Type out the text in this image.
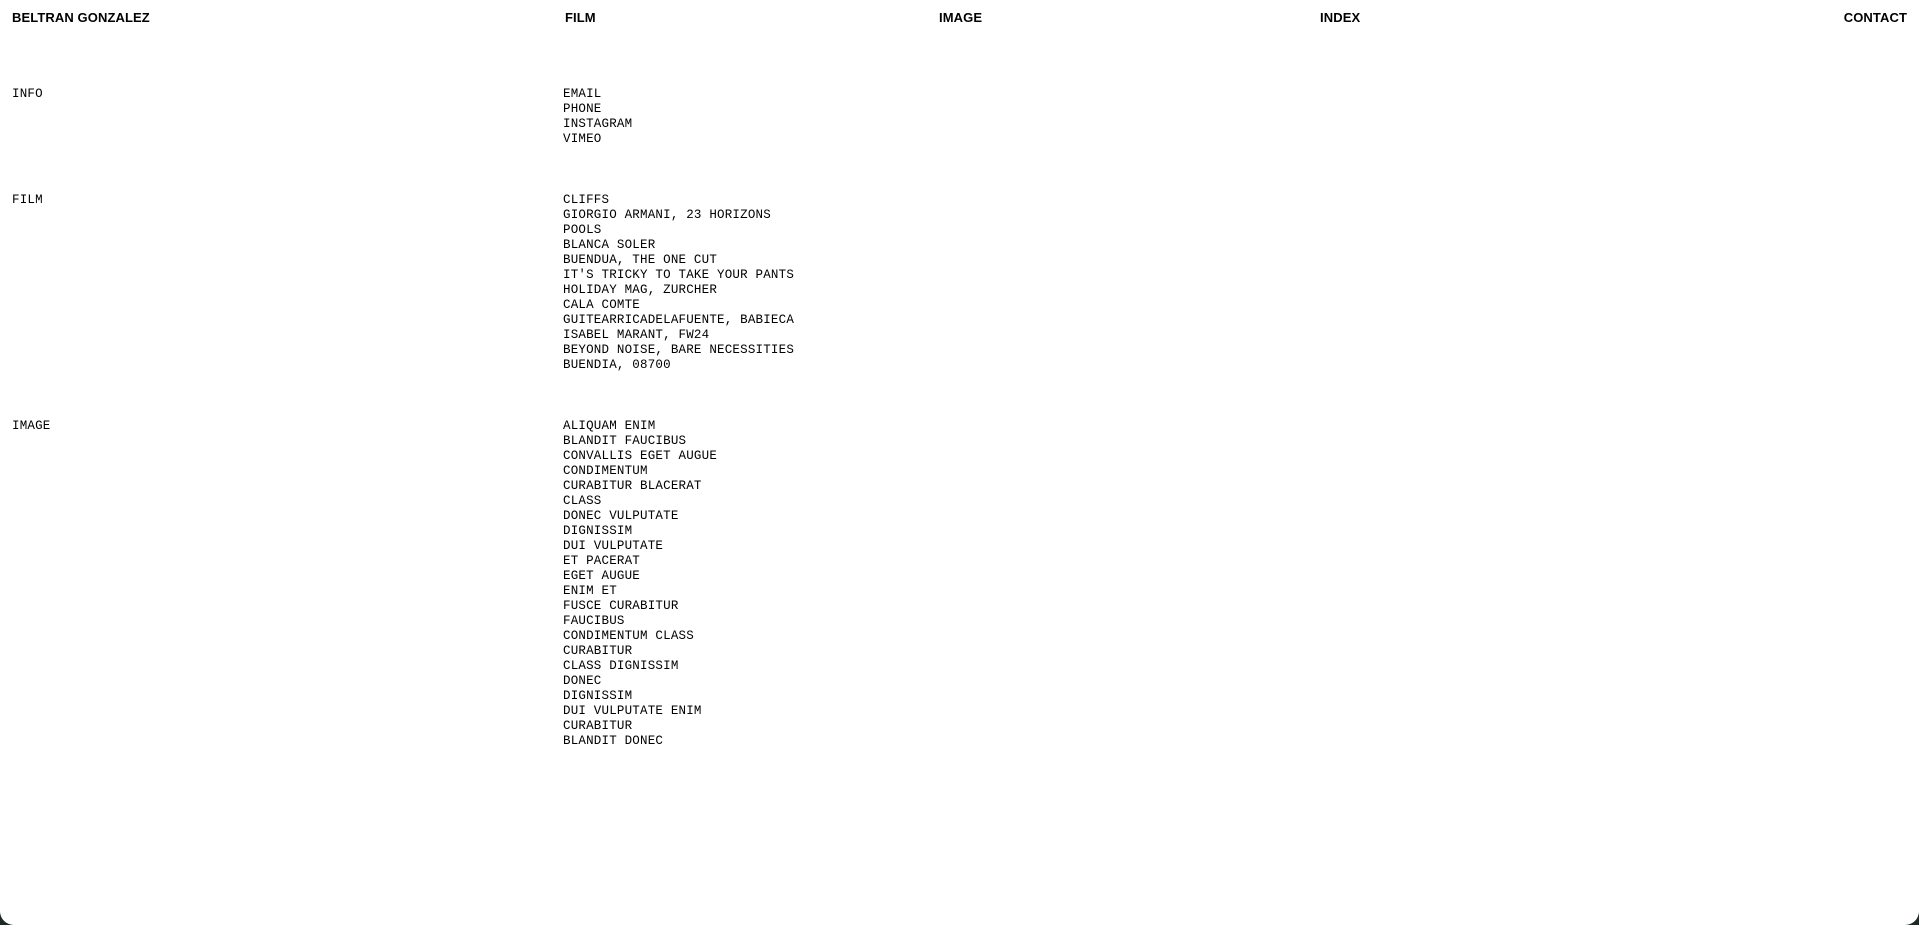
BELTRAN GONZALEZ	FILM	IMAGE	INDEX	CONTACT
INFO	EMAIL
PHONE
INSTAGRAM
VIMEO
FILM	CLIFFS
GIORGIO ARMANI, 23 HORIZONS
POOLS
BLANCA SOLER
BUENDUA, THE ONE CUT
IT'S TRICKY TO TAKE YOUR PANTS
HOLIDAY MAG, ZURCHER
CALA COMTE
GUITEARRICADELAFUENTE, BABIECA
ISABEL MARANT, FW24
BEYOND NOISE, BARE NECESSITIES
BUENDIA, 08700
IMAGE	ALIQUAM ENIM
BLANDIT FAUCIBUS
CONVALLIS EGET AUGUE
CONDIMENTUM
CURABITUR BLACERAT
CLASS
DONEC VULPUTATE
DIGNISSIM
DUI VULPUTATE
ET PACERAT
EGET AUGUE
ENIM ET
FUSCE CURABITUR
FAUCIBUS
CONDIMENTUM CLASS
CURABITUR
CLASS DIGNISSIM
DONEC
DIGNISSIM
DUI VULPUTATE ENIM
CURABITUR
BLANDIT DONEC
